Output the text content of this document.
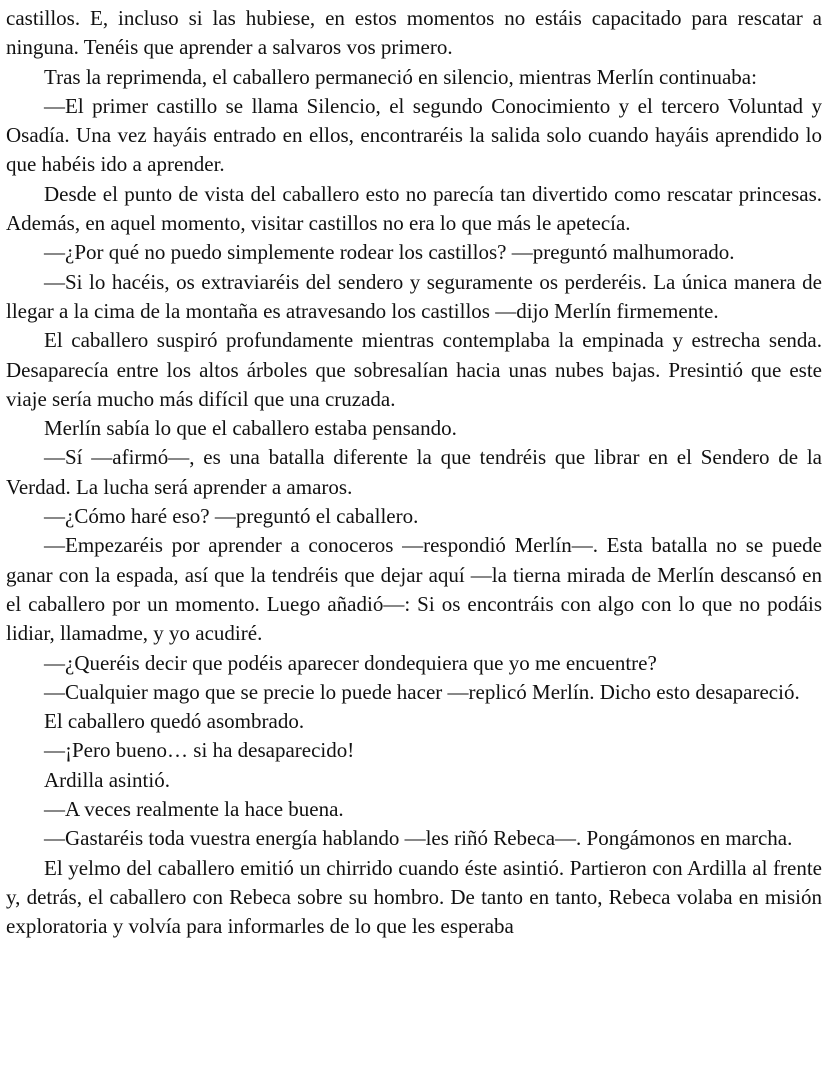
castillos. E, incluso si las hubiese, en estos momentos no estáis capacitado para rescatar a ninguna. Tenéis que aprender a salvaros vos primero.

Tras la reprimenda, el caballero permaneció en silencio, mientras Merlín continuaba:

—El primer castillo se llama Silencio, el segundo Conocimiento y el tercero Voluntad y Osadía. Una vez hayáis entrado en ellos, encontraréis la salida solo cuando hayáis aprendido lo que habéis ido a aprender.

Desde el punto de vista del caballero esto no parecía tan divertido como rescatar princesas. Además, en aquel momento, visitar castillos no era lo que más le apetecía.

—¿Por qué no puedo simplemente rodear los castillos? —preguntó malhumorado.

—Si lo hacéis, os extraviaréis del sendero y seguramente os perderéis. La única manera de llegar a la cima de la montaña es atravesando los castillos —dijo Merlín firmemente.

El caballero suspiró profundamente mientras contemplaba la empinada y estrecha senda. Desaparecía entre los altos árboles que sobresalían hacia unas nubes bajas. Presintió que este viaje sería mucho más difícil que una cruzada.

Merlín sabía lo que el caballero estaba pensando.

—Sí —afirmó—, es una batalla diferente la que tendréis que librar en el Sendero de la Verdad. La lucha será aprender a amaros.

—¿Cómo haré eso? —preguntó el caballero.

—Empezaréis por aprender a conoceros —respondió Merlín—. Esta batalla no se puede ganar con la espada, así que la tendréis que dejar aquí —la tierna mirada de Merlín descansó en el caballero por un momento. Luego añadió—: Si os encontráis con algo con lo que no podáis lidiar, llamadme, y yo acudiré.

—¿Queréis decir que podéis aparecer dondequiera que yo me encuentre?

—Cualquier mago que se precie lo puede hacer —replicó Merlín. Dicho esto desapareció.

El caballero quedó asombrado.

—¡Pero bueno… si ha desaparecido!

Ardilla asintió.

—A veces realmente la hace buena.

—Gastaréis toda vuestra energía hablando —les riñó Rebeca—. Pongámonos en marcha.

El yelmo del caballero emitió un chirrido cuando éste asintió. Partieron con Ardilla al frente y, detrás, el caballero con Rebeca sobre su hombro. De tanto en tanto, Rebeca volaba en misión exploratoria y volvía para informarles de lo que les esperaba
